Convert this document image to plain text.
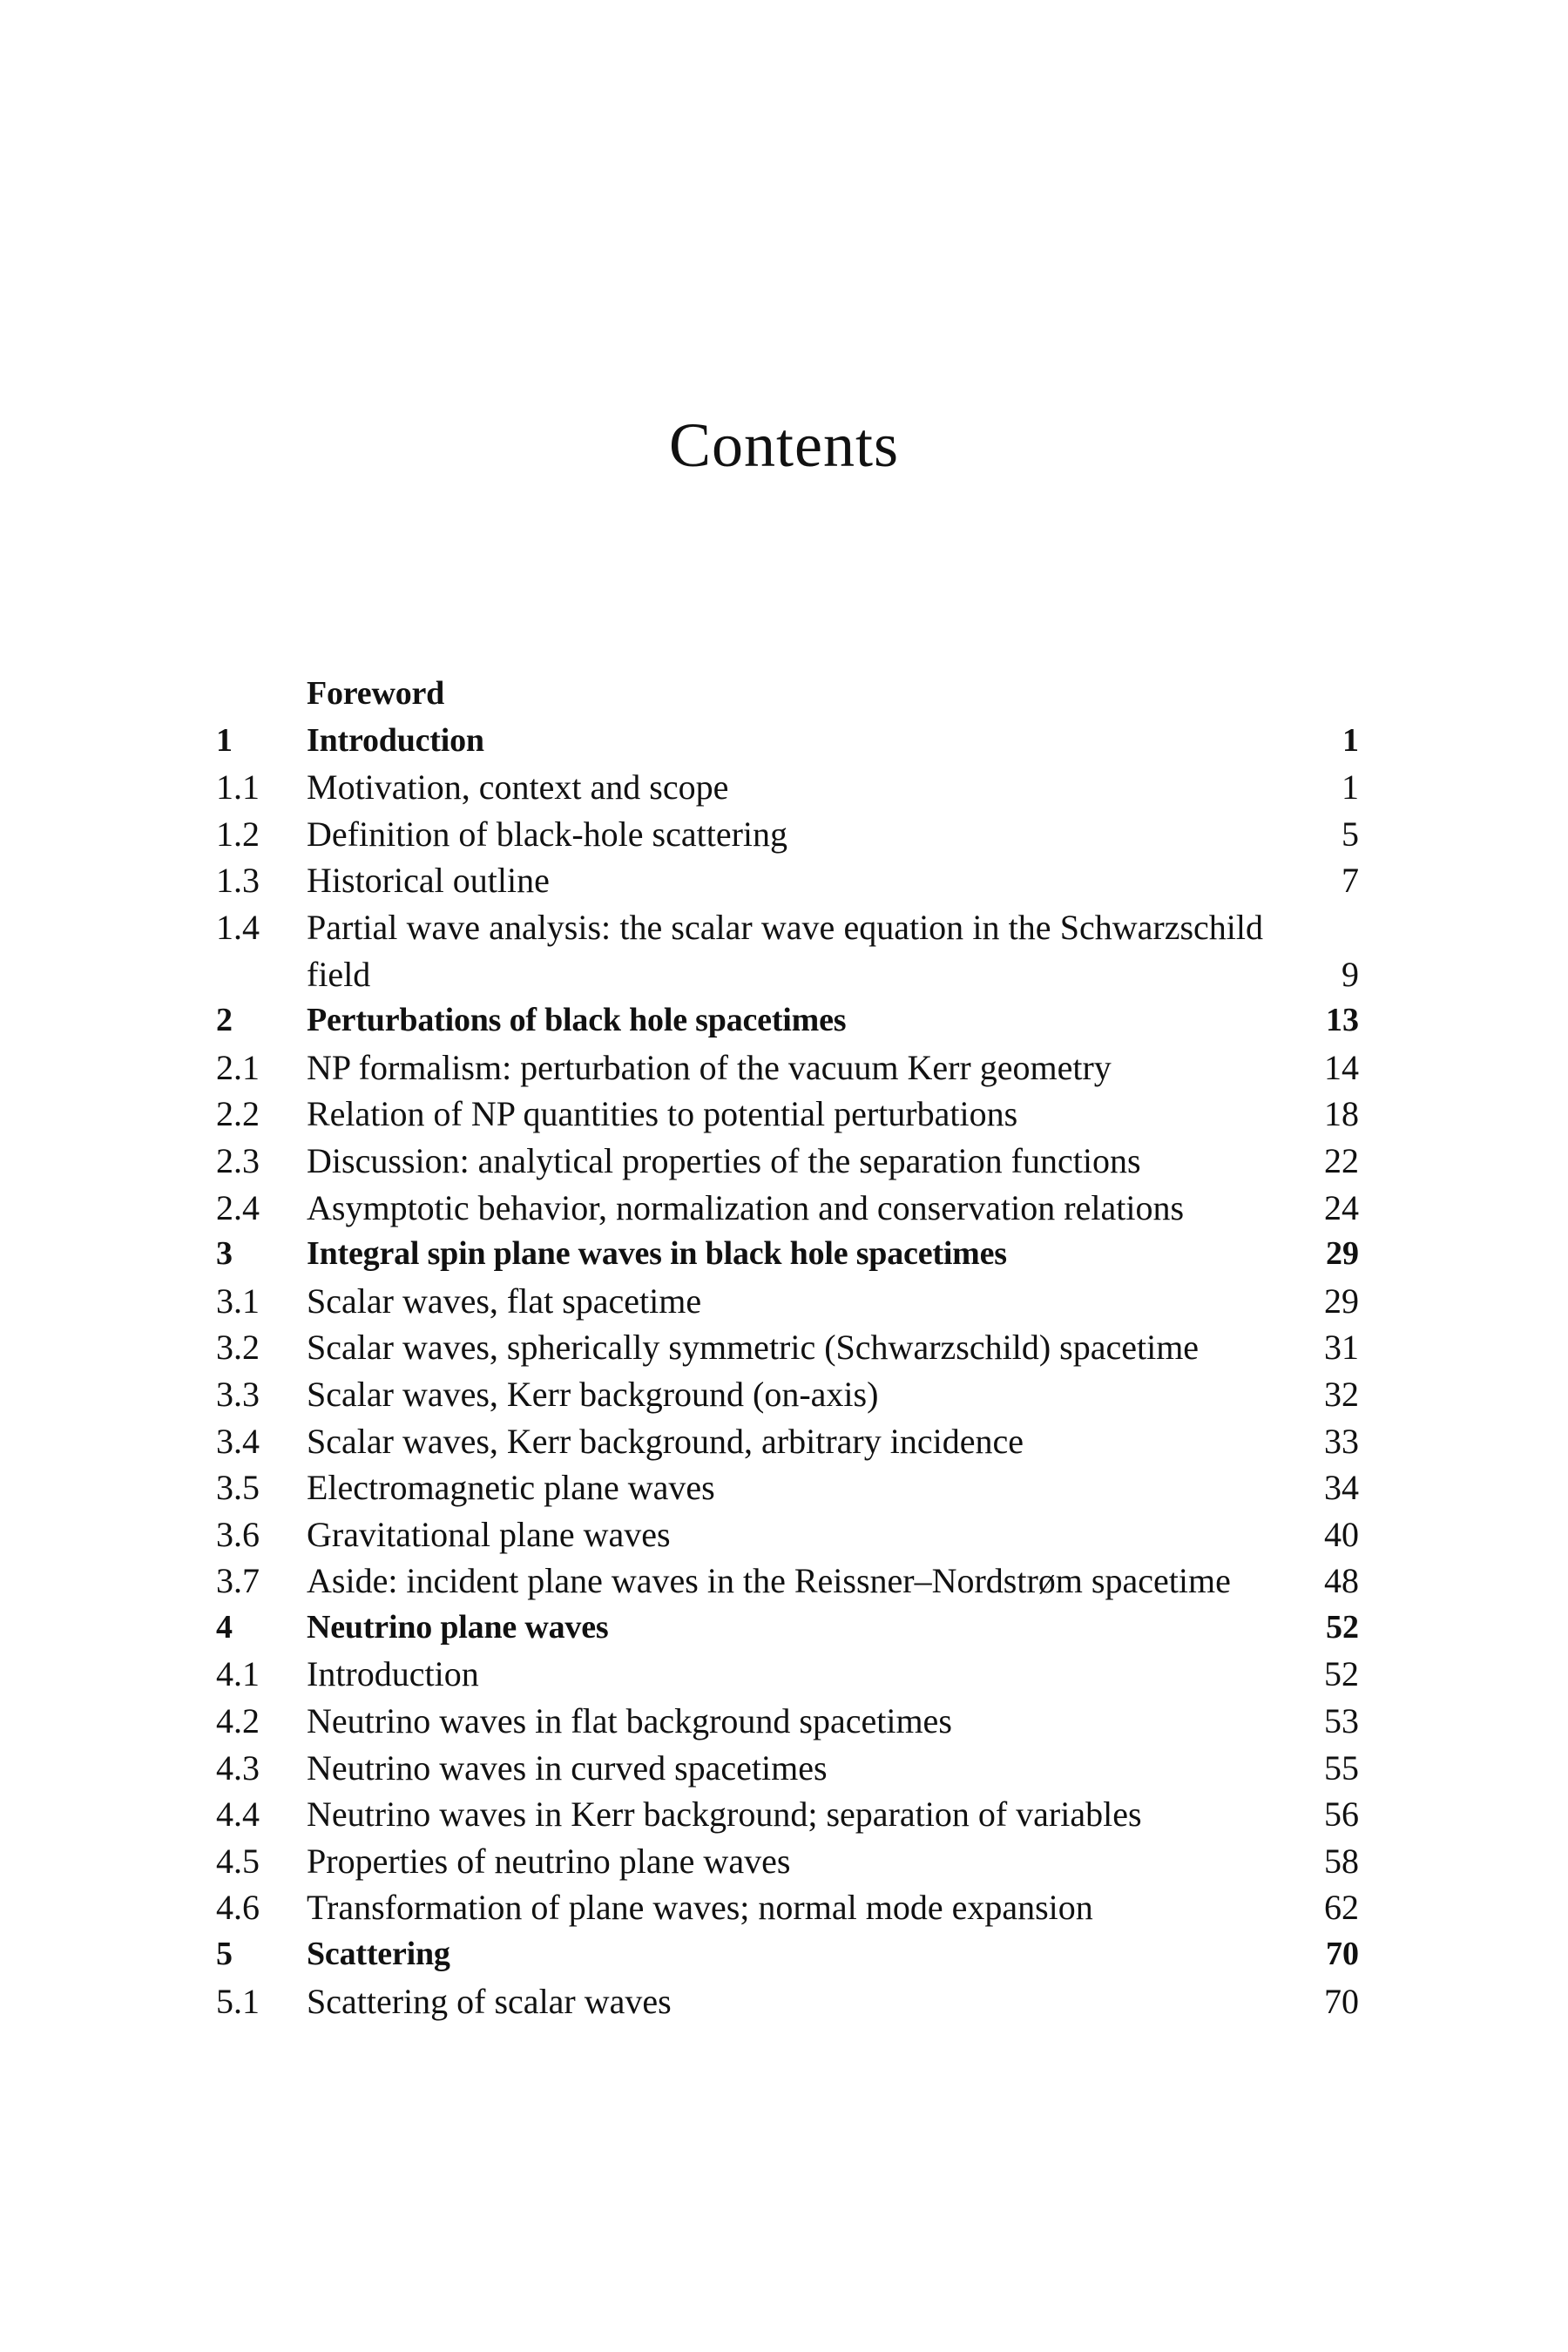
Contents
Foreword
1	Introduction	1
1.1	Motivation, context and scope	1
1.2	Definition of black-hole scattering	5
1.3	Historical outline	7
1.4	Partial wave analysis: the scalar wave equation in the Schwarzschild field	9
2	Perturbations of black hole spacetimes	13
2.1	NP formalism: perturbation of the vacuum Kerr geometry	14
2.2	Relation of NP quantities to potential perturbations	18
2.3	Discussion: analytical properties of the separation functions	22
2.4	Asymptotic behavior, normalization and conservation relations	24
3	Integral spin plane waves in black hole spacetimes	29
3.1	Scalar waves, flat spacetime	29
3.2	Scalar waves, spherically symmetric (Schwarzschild) spacetime	31
3.3	Scalar waves, Kerr background (on-axis)	32
3.4	Scalar waves, Kerr background, arbitrary incidence	33
3.5	Electromagnetic plane waves	34
3.6	Gravitational plane waves	40
3.7	Aside: incident plane waves in the Reissner–Nordstrøm spacetime	48
4	Neutrino plane waves	52
4.1	Introduction	52
4.2	Neutrino waves in flat background spacetimes	53
4.3	Neutrino waves in curved spacetimes	55
4.4	Neutrino waves in Kerr background; separation of variables	56
4.5	Properties of neutrino plane waves	58
4.6	Transformation of plane waves; normal mode expansion	62
5	Scattering	70
5.1	Scattering of scalar waves	70
